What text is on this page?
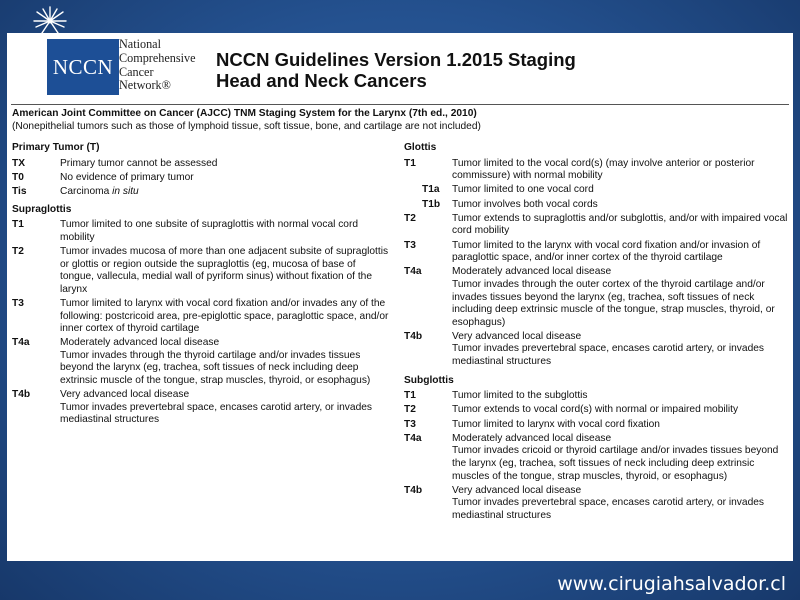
NCCN
National
Comprehensive
Cancer
Network®
NCCN Guidelines Version 1.2015 Staging
Head and Neck Cancers
American Joint Committee on Cancer (AJCC) TNM Staging System for the Larynx (7th ed., 2010)
(Nonepithelial tumors such as those of lymphoid tissue, soft tissue, bone, and cartilage are not included)
Primary Tumor (T)
TX	Primary tumor cannot be assessed

T0	No evidence of primary tumor

Tis	Carcinoma in situ

Supraglottis
T1	Tumor limited to one subsite of supraglottis with normal vocal cord mobility

T2	Tumor invades mucosa of more than one adjacent subsite of supraglottis or glottis or region outside the supraglottis (eg, mucosa of base of tongue, vallecula, medial wall of pyriform sinus) without fixation of the larynx

T3	Tumor limited to larynx with vocal cord fixation and/or invades any of the following: postcricoid area, pre-epiglottic space, paraglottic space, and/or inner cortex of thyroid cartilage

T4a	Moderately advanced local disease

Tumor invades through the thyroid cartilage and/or invades tissues beyond the larynx (eg, trachea, soft tissues of neck including deep extrinsic muscle of the tongue, strap muscles, thyroid, or esophagus)

T4b	Very advanced local disease

Tumor invades prevertebral space, encases carotid artery, or invades mediastinal structures

Glottis
T1	Tumor limited to the vocal cord(s) (may involve anterior or posterior commissure) with normal mobility

T1a	Tumor limited to one vocal cord

T1b	Tumor involves both vocal cords

T2	Tumor extends to supraglottis and/or subglottis, and/or with impaired vocal cord mobility

T3	Tumor limited to the larynx with vocal cord fixation and/or invasion of paraglottic space, and/or inner cortex of the thyroid cartilage

T4a	Moderately advanced local disease

Tumor invades through the outer cortex of the thyroid cartilage and/or invades tissues beyond the larynx (eg, trachea, soft tissues of neck including deep extrinsic muscle of the tongue, strap muscles, thyroid, or esophagus)

T4b	Very advanced local disease

Tumor invades prevertebral space, encases carotid artery, or invades mediastinal structures

Subglottis
T1	Tumor limited to the subglottis

T2	Tumor extends to vocal cord(s) with normal or impaired mobility

T3	Tumor limited to larynx with vocal cord fixation

T4a	Moderately advanced local disease

Tumor invades cricoid or thyroid cartilage and/or invades tissues beyond the larynx (eg, trachea, soft tissues of neck including deep extrinsic muscles of the tongue, strap muscles, thyroid, or esophagus)

T4b	Very advanced local disease

Tumor invades prevertebral space, encases carotid artery, or invades mediastinal structures

www.cirugiahsalvador.cl
